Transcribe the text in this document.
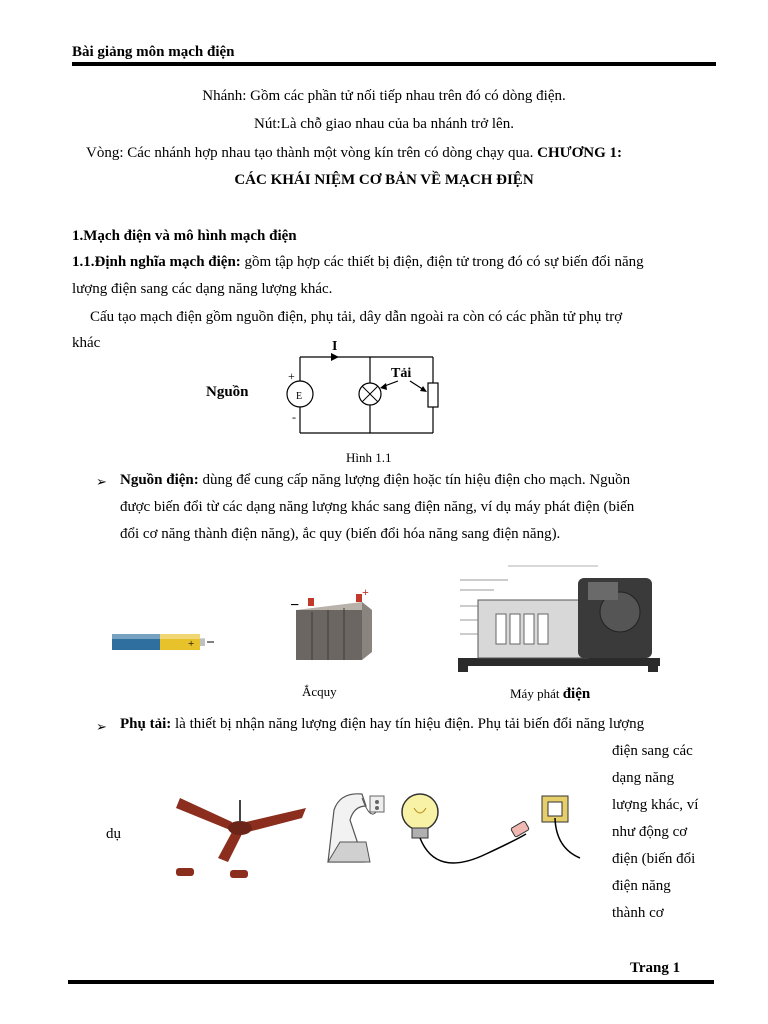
Bài giảng môn mạch điện
Nhánh: Gồm các phần tử nối tiếp nhau trên đó có dòng điện.
Nút:Là chỗ giao nhau của ba nhánh trở lên.
Vòng: Các nhánh hợp nhau tạo thành một vòng kín trên có dòng chạy qua. CHƯƠNG 1:
CÁC KHÁI NIỆM CƠ BẢN VỀ MẠCH ĐIỆN
1.Mạch điện và mô hình mạch điện
1.1.Định nghĩa mạch điện: gồm tập hợp các thiết bị điện, điện tử trong đó có sự biến đổi năng
lượng điện sang các dạng năng lượng khác.
Cấu tạo mạch điện gồm nguồn điện, phụ tải, dây dẫn ngoài ra còn có các phần tử phụ trợ
khác
Nguồn
I
E
+
-
Tải
Hình 1.1
➢ Nguồn điện: dùng để cung cấp năng lượng điện hoặc tín hiệu điện cho mạch. Nguồn
được biến đổi từ các dạng năng lượng khác sang điện năng, ví dụ máy phát điện (biến
đổi cơ năng thành điện năng), ắc quy (biến đổi hóa năng sang điện năng).
+
−
+
Ắcquy	Máy phát điện
➢ Phụ tải: là thiết bị nhận năng lượng điện hay tín hiệu điện. Phụ tải biến đổi năng lượng
điện sang các
dạng năng
lượng khác, ví
như động cơ
điện (biến đổi
điện năng
thành cơ
dụ
Trang 1
